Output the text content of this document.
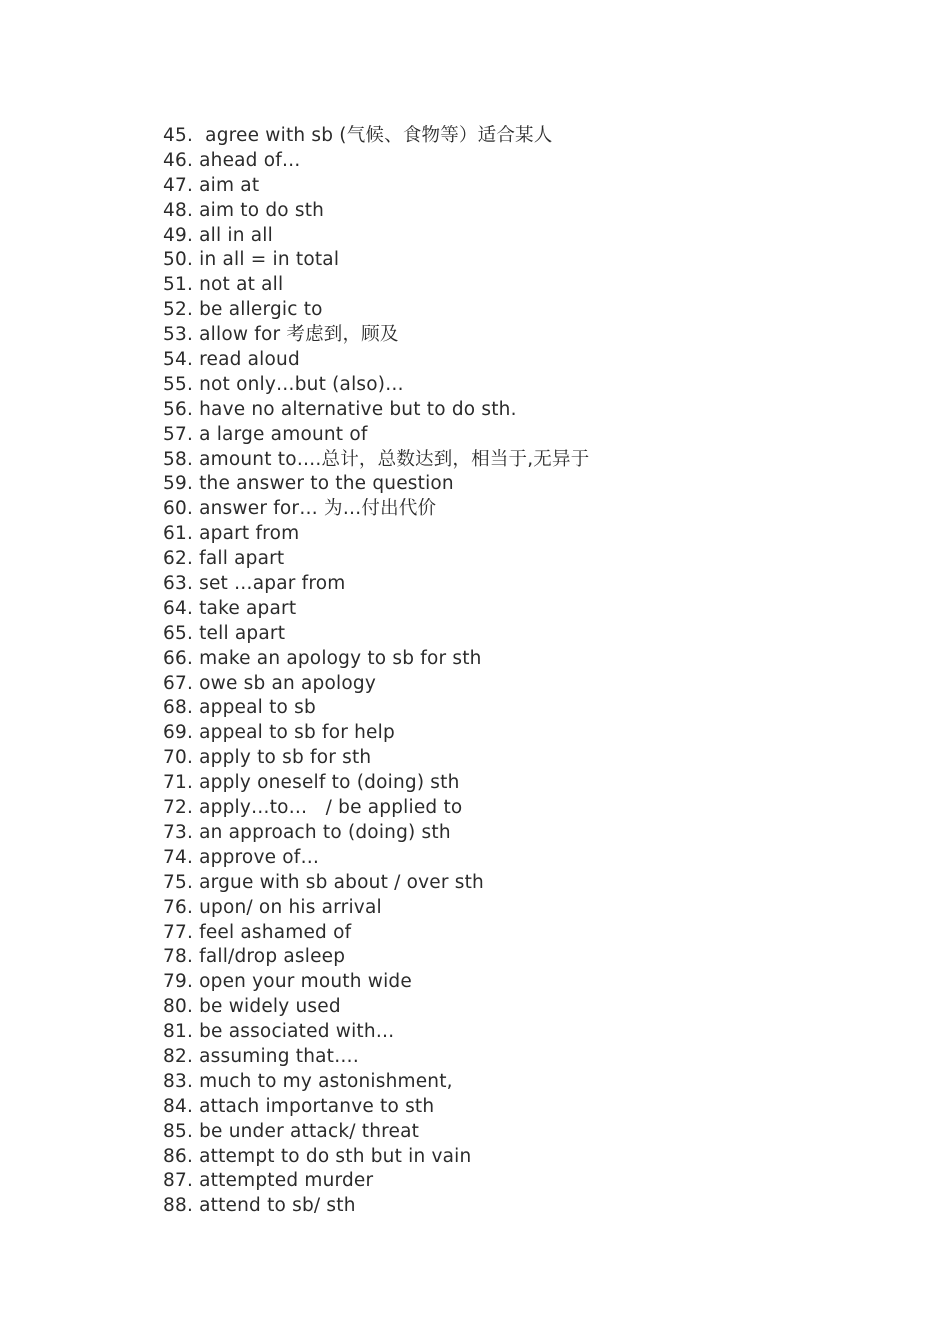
45.  agree with sb (气候、食物等）适合某人
46. ahead of…
47. aim at
48. aim to do sth
49. all in all
50. in all = in total
51. not at all
52. be allergic to
53. allow for 考虑到，顾及
54. read aloud
55. not only…but (also)…
56. have no alternative but to do sth.
57. a large amount of
58. amount to….总计，总数达到，相当于,无异于
59. the answer to the question
60. answer for… 为…付出代价
61. apart from
62. fall apart
63. set …apar from
64. take apart
65. tell apart
66. make an apology to sb for sth
67. owe sb an apology
68. appeal to sb
69. appeal to sb for help
70. apply to sb for sth
71. apply oneself to (doing) sth
72. apply…to…   / be applied to
73. an approach to (doing) sth
74. approve of…
75. argue with sb about / over sth
76. upon/ on his arrival
77. feel ashamed of
78. fall/drop asleep
79. open your mouth wide
80. be widely used
81. be associated with…
82. assuming that….
83. much to my astonishment,
84. attach importanve to sth
85. be under attack/ threat
86. attempt to do sth but in vain
87. attempted murder
88. attend to sb/ sth
